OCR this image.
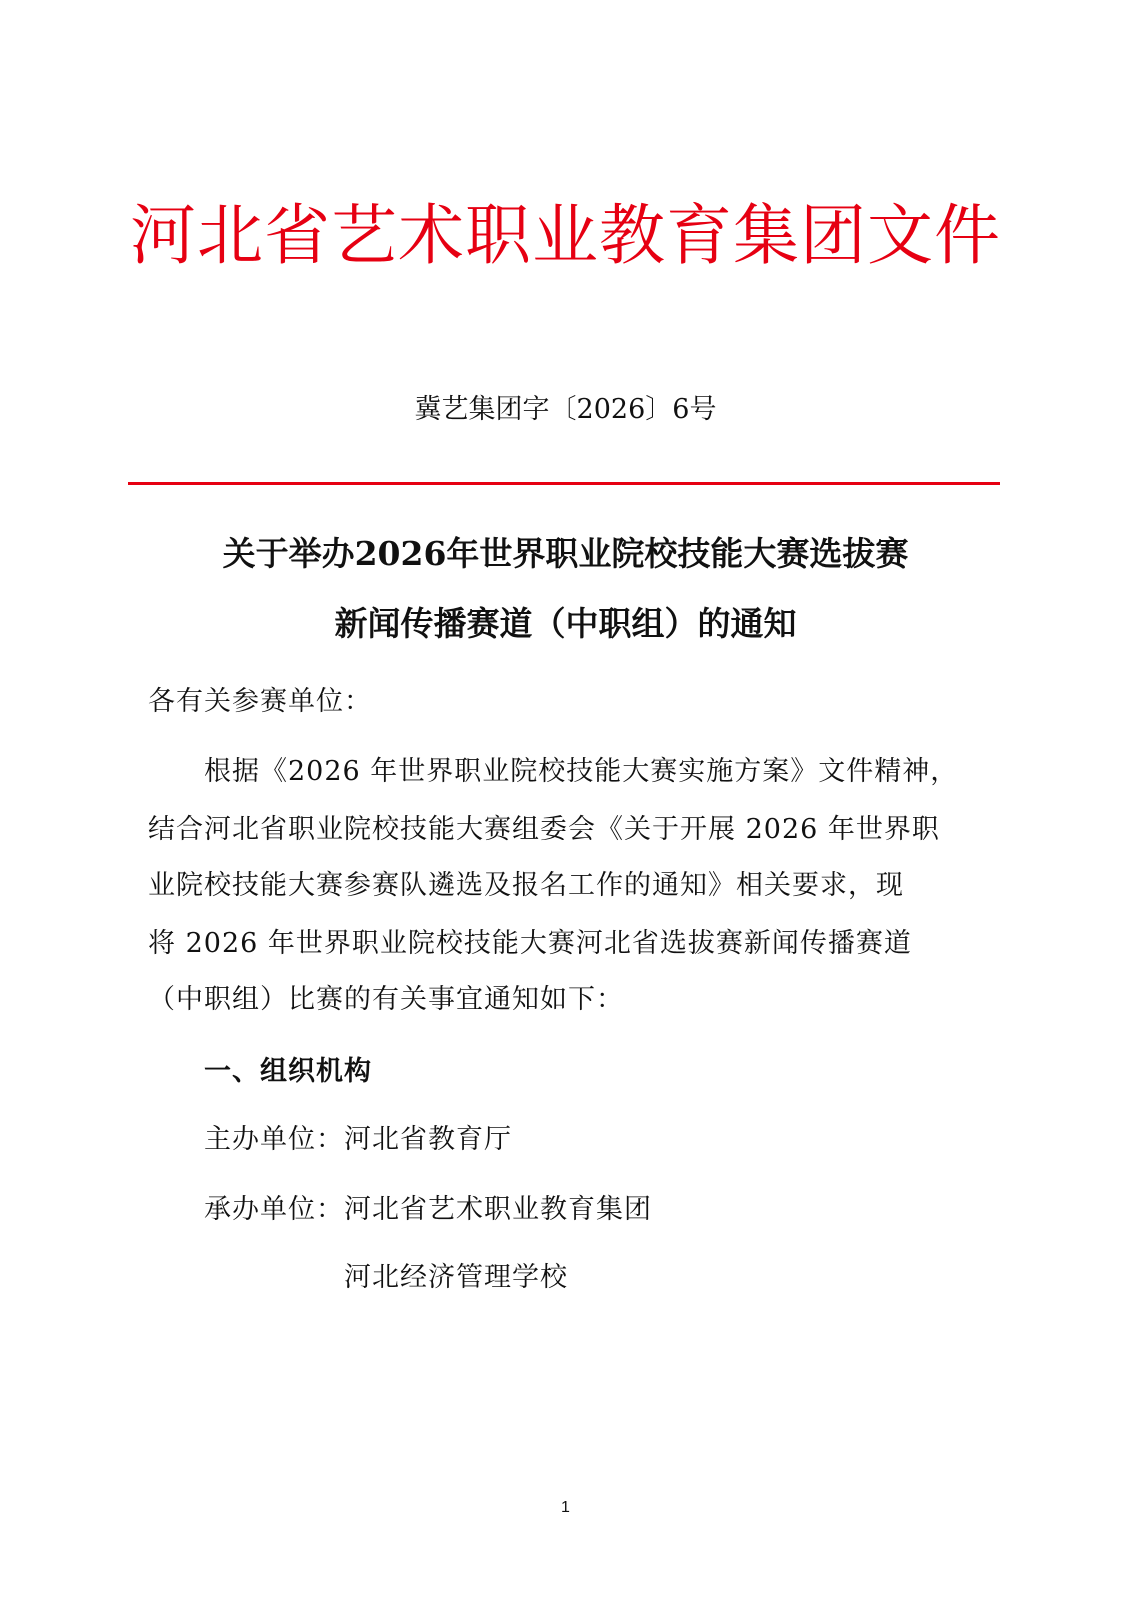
河北省艺术职业教育集团文件
冀艺集团字〔2026〕6号
关于举办2026年世界职业院校技能大赛选拔赛
新闻传播赛道（中职组）的通知
各有关参赛单位：
　　根据《2026 年世界职业院校技能大赛实施方案》文件精神，
结合河北省职业院校技能大赛组委会《关于开展 2026 年世界职
业院校技能大赛参赛队遴选及报名工作的通知》相关要求，现
将 2026 年世界职业院校技能大赛河北省选拔赛新闻传播赛道
（中职组）比赛的有关事宜通知如下：
　　一、组织机构
　　主办单位：河北省教育厅
　　承办单位：河北省艺术职业教育集团
　　　　　　　河北经济管理学校
1
